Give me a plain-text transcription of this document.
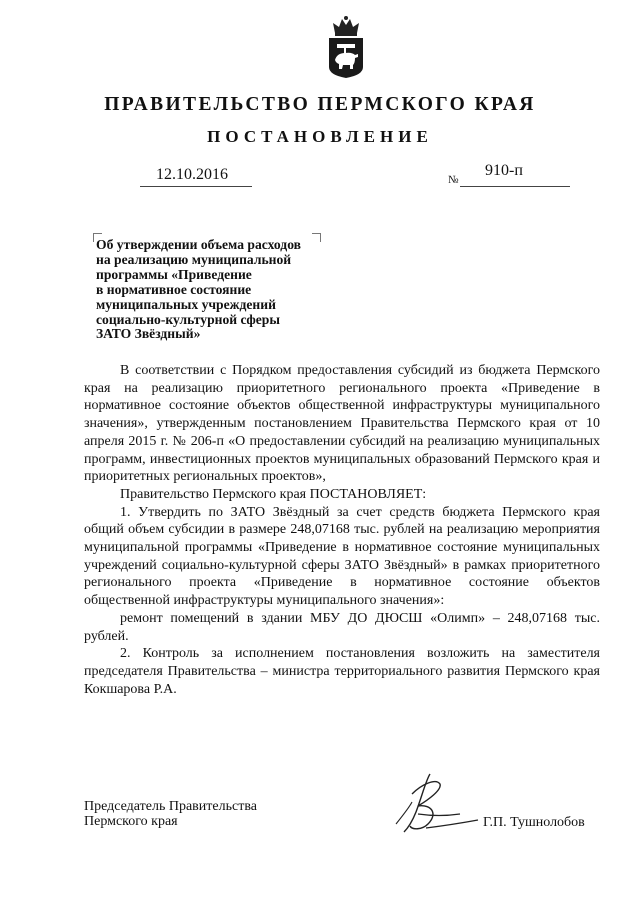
ПРАВИТЕЛЬСТВО ПЕРМСКОГО КРАЯ
ПОСТАНОВЛЕНИЕ
12.10.2016	№
910-п
Об утверждении объема расходов
на реализацию муниципальной
программы «Приведение
в нормативное состояние
муниципальных учреждений
социально-культурной сферы
ЗАТО Звёздный»

В соответствии с Порядком предоставления субсидий из бюджета Пермского края на реализацию приоритетного регионального проекта «Приведение в нормативное состояние объектов общественной инфраструктуры муниципального значения», утвержденным постановлением Правительства Пермского края от 10 апреля 2015 г. № 206-п «О предоставлении субсидий на реализацию муниципальных программ, инвестиционных проектов муниципальных образований Пермского края и приоритетных региональных проектов»,

Правительство Пермского края ПОСТАНОВЛЯЕТ:

1. Утвердить по ЗАТО Звёздный за счет средств бюджета Пермского края общий объем субсидии в размере 248,07168 тыс. рублей на реализацию мероприятия муниципальной программы «Приведение в нормативное состояние муниципальных учреждений социально-культурной сферы ЗАТО Звёздный» в рамках приоритетного регионального проекта «Приведение в нормативное состояние объектов общественной инфраструктуры муниципального значения»:

ремонт помещений в здании МБУ ДО ДЮСШ «Олимп» – 248,07168 тыс. рублей.

2. Контроль за исполнением постановления возложить на заместителя председателя Правительства – министра территориального развития Пермского края Кокшарова Р.А.

Председатель Правительства
Пермского края	Г.П. Тушнолобов
